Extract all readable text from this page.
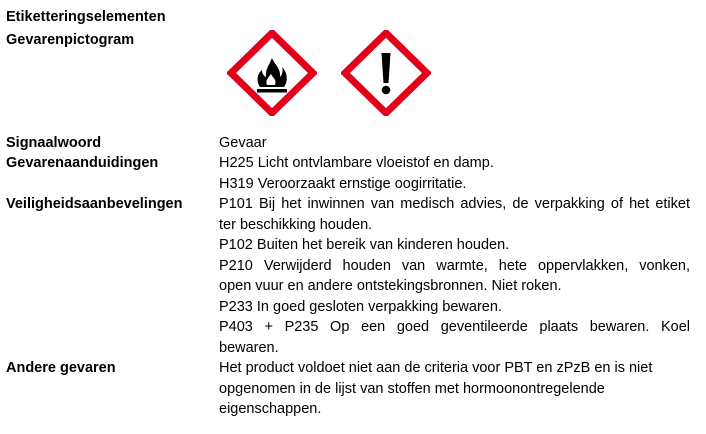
Etiketteringselementen
Gevarenpictogram
Signaalwoord	Gevaar
Gevarenaanduidingen	H225 Licht ontvlambare vloeistof en damp.
H319 Veroorzaakt ernstige oogirritatie.
Veiligheidsaanbevelingen	P101 Bij het inwinnen van medisch advies, de verpakking of het etiket
ter beschikking houden.
P102 Buiten het bereik van kinderen houden.
P210 Verwijderd houden van warmte, hete oppervlakken, vonken,
open vuur en andere ontstekingsbronnen. Niet roken.
P233 In goed gesloten verpakking bewaren.
P403 + P235 Op een goed geventileerde plaats bewaren. Koel
bewaren.
Andere gevaren	Het product voldoet niet aan de criteria voor PBT en zPzB en is niet
opgenomen in de lijst van stoffen met hormoonontregelende
eigenschappen.
